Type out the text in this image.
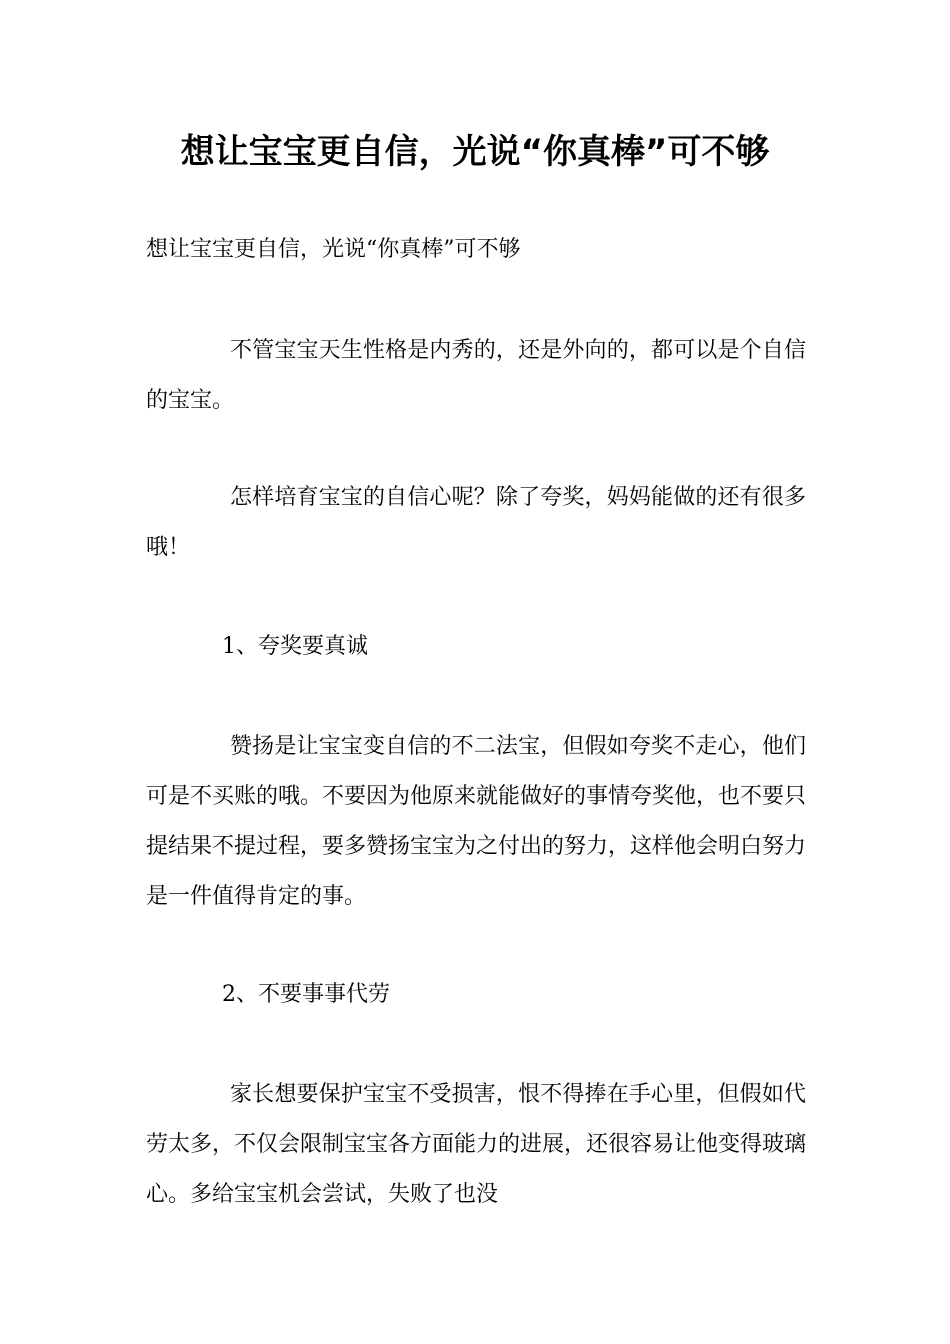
想让宝宝更自信，光说“你真棒”可不够

想让宝宝更自信，光说“你真棒”可不够

不管宝宝天生性格是内秀的，还是外向的，都可以是个自信的宝宝。

怎样培育宝宝的自信心呢？除了夸奖，妈妈能做的还有很多哦！

1、夸奖要真诚

赞扬是让宝宝变自信的不二法宝，但假如夸奖不走心，他们可是不买账的哦。不要因为他原来就能做好的事情夸奖他，也不要只提结果不提过程，要多赞扬宝宝为之付出的努力，这样他会明白努力是一件值得肯定的事。

2、不要事事代劳

家长想要保护宝宝不受损害，恨不得捧在手心里，但假如代劳太多，不仅会限制宝宝各方面能力的进展，还很容易让他变得玻璃心。多给宝宝机会尝试，失败了也没
